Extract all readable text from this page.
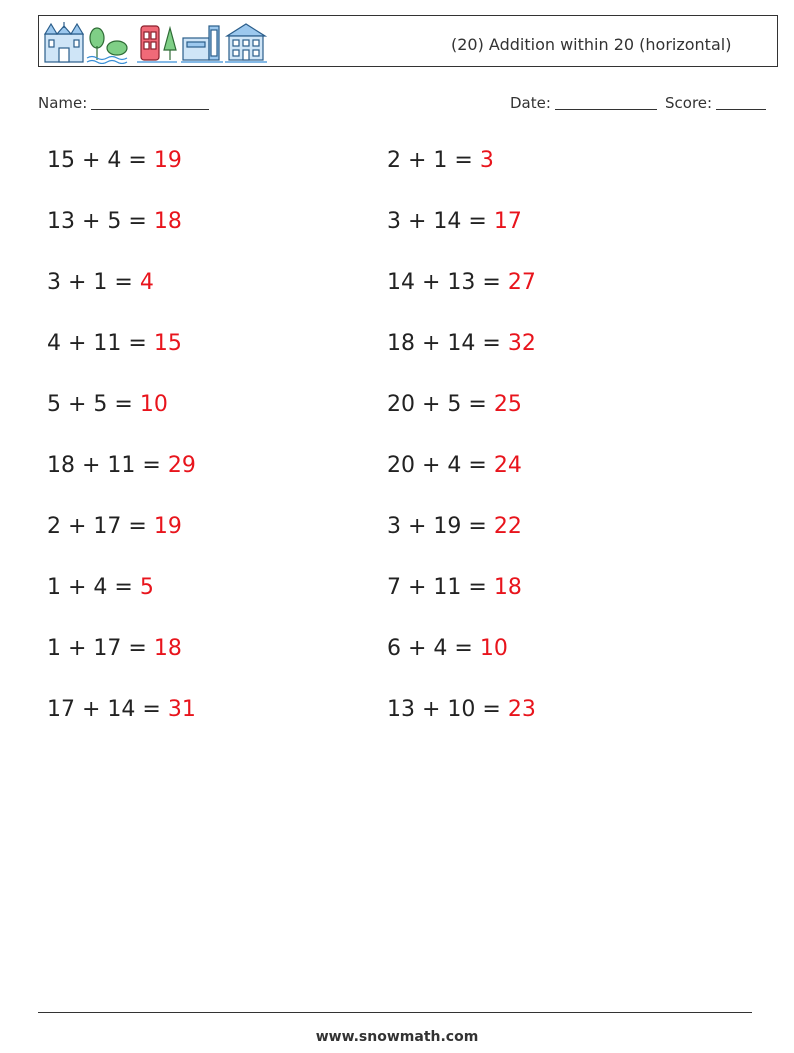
(20) Addition within 20 (horizontal)
Name:	Date:	Score:
15 + 4 = 19
13 + 5 = 18
3 + 1 = 4
4 + 11 = 15
5 + 5 = 10
18 + 11 = 29
2 + 17 = 19
1 + 4 = 5
1 + 17 = 18
17 + 14 = 31
2 + 1 = 3
3 + 14 = 17
14 + 13 = 27
18 + 14 = 32
20 + 5 = 25
20 + 4 = 24
3 + 19 = 22
7 + 11 = 18
6 + 4 = 10
13 + 10 = 23
www.snowmath.com
